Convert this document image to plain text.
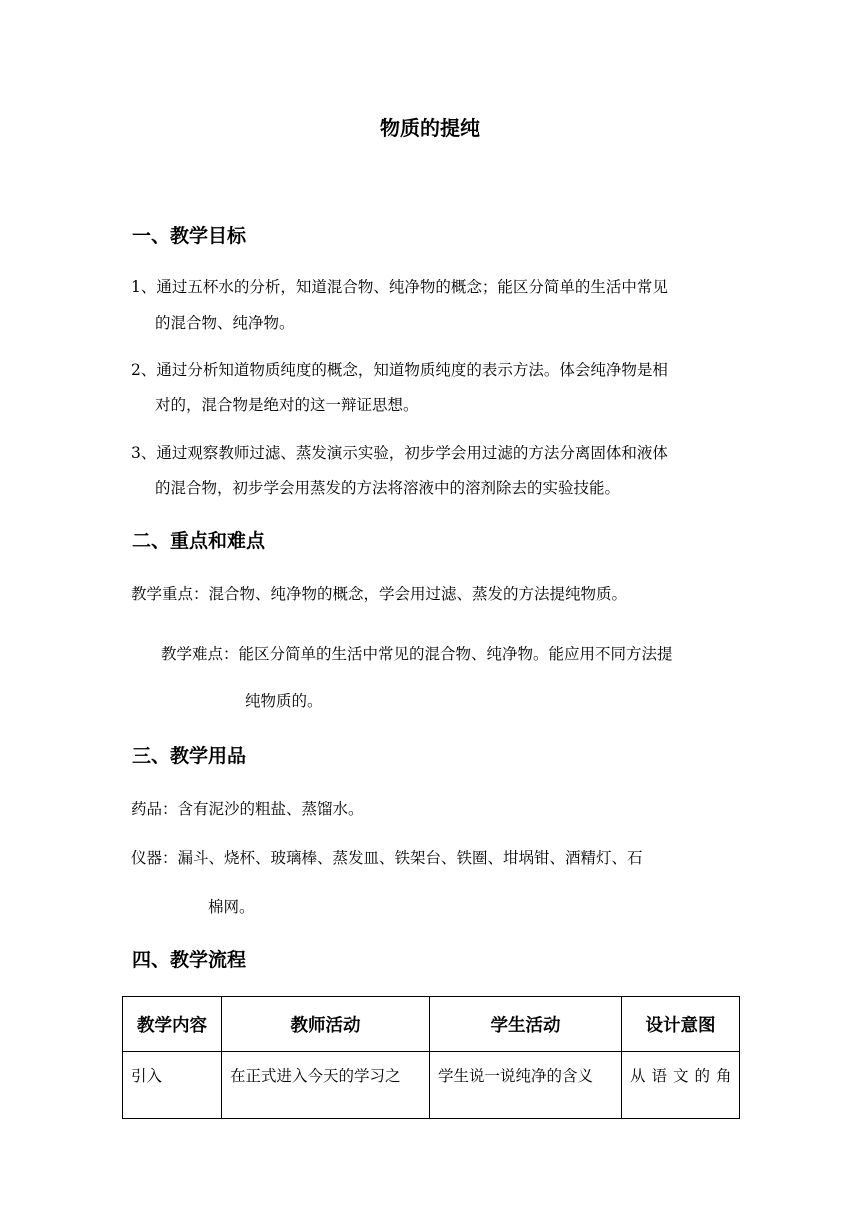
物质的提纯
一、教学目标
1、通过五杯水的分析，知道混合物、纯净物的概念；能区分简单的生活中常见
的混合物、纯净物。
2、通过分析知道物质纯度的概念，知道物质纯度的表示方法。体会纯净物是相
对的，混合物是绝对的这一辩证思想。
3、通过观察教师过滤、蒸发演示实验，初步学会用过滤的方法分离固体和液体
的混合物，初步学会用蒸发的方法将溶液中的溶剂除去的实验技能。
二、重点和难点
教学重点：混合物、纯净物的概念，学会用过滤、蒸发的方法提纯物质。
教学难点：能区分简单的生活中常见的混合物、纯净物。能应用不同方法提
纯物质的。
三、教学用品
药品：含有泥沙的粗盐、蒸馏水。
仪器：漏斗、烧杯、玻璃棒、蒸发皿、铁架台、铁圈、坩埚钳、酒精灯、石
棉网。
四、教学流程
教学内容	教师活动	学生活动	设计意图
引入	在正式进入今天的学习之	学生说一说纯净的含义	从语文的角
